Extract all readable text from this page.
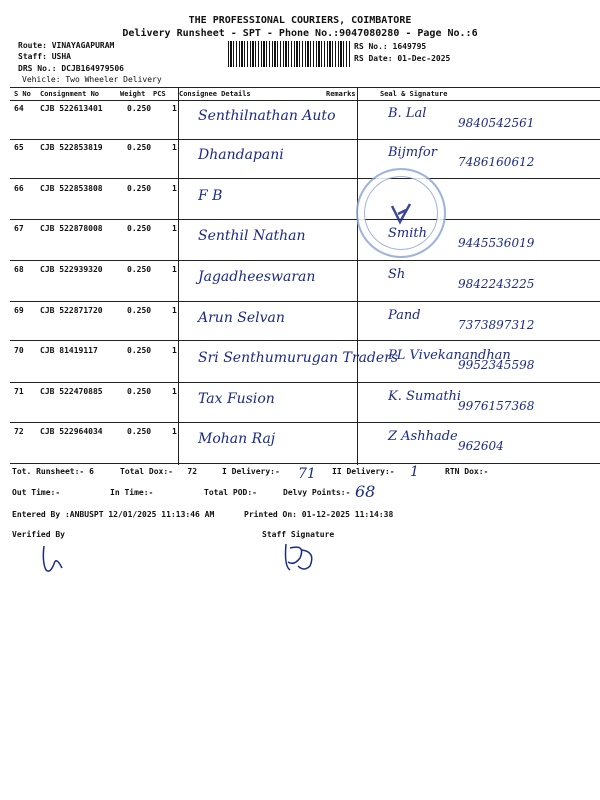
THE PROFESSIONAL COURIERS, COIMBATORE
Delivery Runsheet - SPT - Phone No.:9047080280 - Page No.:6
Route: VINAYAGAPURAM
Staff: USHA
DRS No.: DCJB164979506
Vehicle: Two Wheeler Delivery
RS No.: 1649795
RS Date: 01-Dec-2025
S No Consignment No	Weight PCS Consignee Details	Remarks	Seal & Signature
64 CJB 522613401	0.250	1 Senthilnathan Auto	B. Lal
9840542561
65 CJB 522853819	0.250	1 Dhandapani	Bijmfor
7486160612
66 CJB 522853808	0.250	1 F B
67 CJB 522878008	0.250	1 Senthil Nathan	Smith
9445536019
68 CJB 522939320	0.250	1 Jagadheeswaran	Sh
9842243225
69 CJB 522871720	0.250	1 Arun Selvan	Pand
7373897312
70 CJB 81419117	0.250	1 Sri Senthumurugan Traders
PL Vivekanandhan
9952345598
71 CJB 522470885	0.250	1 Tax Fusion	K. Sumathi
9976157368
72 CJB 522964034	0.250	1 Mohan Raj	Z Ashhade
962604
Tot. Runsheet:- 6	Total Dox:-   72	I Delivery:- 71 II Delivery:- 1	RTN Dox:-
Out Time:-	In Time:-	Total POD:-	Delvy Points:- 68
Entered By :ANBUSPT 12/01/2025 11:13:46 AM	Printed On: 01-12-2025 11:14:38
Verified By	Staff Signature
